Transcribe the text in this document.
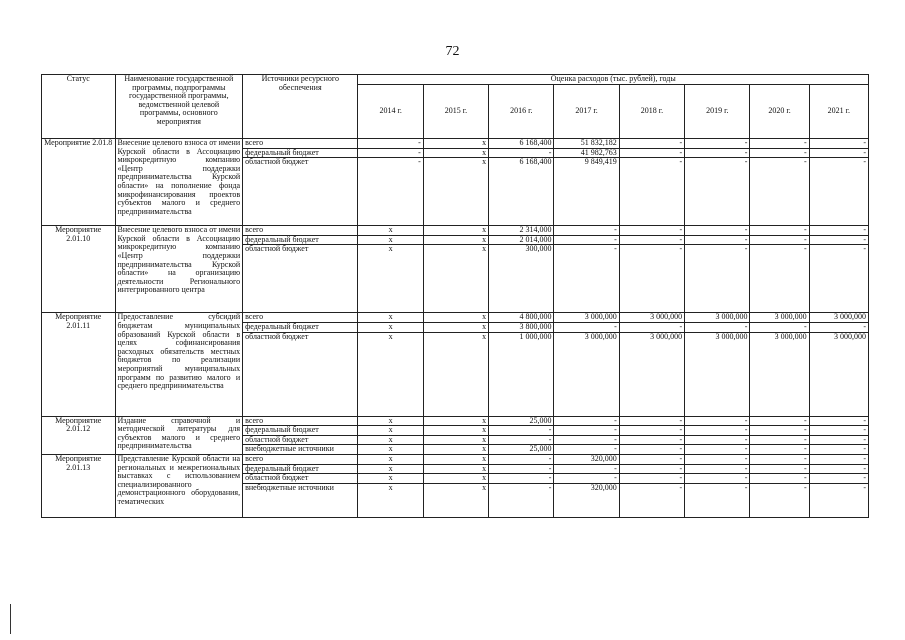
72
Статус	Наименование государственной программы, подпрограммы государственной программы, ведомственной целевой программы, основного мероприятия	Источники ресурсного обеспечения	Оценка расходов (тыс. рублей), годы							
			2014 г.	2015 г.	2016 г.	2017 г.	2018 г.	2019 г.	2020 г.	2021 г.
Мероприятие 2.01.8	Внесение целевого взноса от имени Курской области в Ассоциацию микрокредитную компанию «Центр поддержки предпринимательства Курской области» на пополнение фонда микрофинансирования проектов субъектов малого и среднего предпринимательства	всего	-	x	6 168,400	51 832,182	-	-	-	-
		федеральный бюджет	-	x	-	41 982,763	-	-	-	-
		областной бюджет	-	x	6 168,400	9 849,419	-	-	-	-
Мероприятие 2.01.10	Внесение целевого взноса от имени Курской области в Ассоциацию микрокредитную компанию «Центр поддержки предпринимательства Курской области» на организацию деятельности Регионального интегрированного центра	всего	x	x	2 314,000	-	-	-	-	-
		федеральный бюджет	x	x	2 014,000	-	-	-	-	-
		областной бюджет	x	x	300,000	-	-	-	-	-
Мероприятие 2.01.11	Предоставление субсидий бюджетам муниципальных образований Курской области в целях софинансирования расходных обязательств местных бюджетов по реализации мероприятий муниципальных программ по развитию малого и среднего предпринимательства	всего	x	x	4 800,000	3 000,000	3 000,000	3 000,000	3 000,000	3 000,000
		федеральный бюджет	x	x	3 800,000	-	-	-	-	-
		областной бюджет	x	x	1 000,000	3 000,000	3 000,000	3 000,000	3 000,000	3 000,000
Мероприятие 2.01.12	Издание справочной и методической литературы для субъектов малого и среднего предпринимательства	всего	x	x	25,000	-	-	-	-	-
		федеральный бюджет	x	x	-	-	-	-	-	-
		областной бюджет	x	x	-	-	-	-	-	-
		внебюджетные источники	x	x	25,000	-	-	-	-	-
Мероприятие 2.01.13	Представление Курской области на региональных и межрегиональных выставках с использованием специализированного демонстрационного оборудования, тематических	всего	x	x	-	320,000	-	-	-	-
		федеральный бюджет	x	x	-	-	-	-	-	-
		областной бюджет	x	x	-	-	-	-	-	-
		внебюджетные источники	x	x	-	320,000	-	-	-	-
